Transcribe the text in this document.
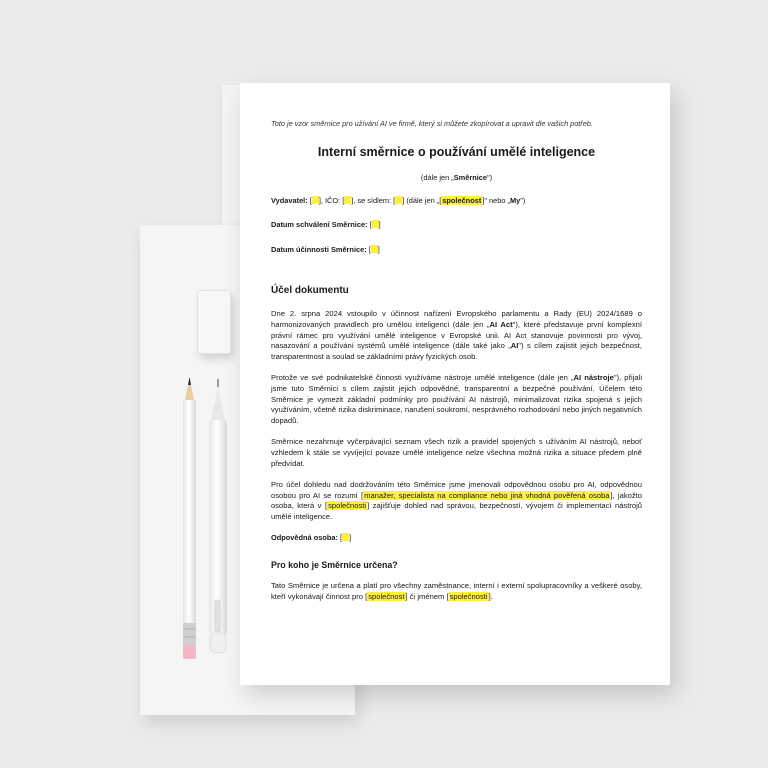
Toto je vzor směrnice pro užívání AI ve firmě, který si můžete zkopírovat a upravit dle vašich potřeb.

Interní směrnice o používání umělé inteligence
(dále jen „Směrnice")
Vydavatel: [ ], IČO: [ ], se sídlem: [ ] (dále jen „[společnost]" nebo „My")
Datum schválení Směrnice: [ ]
Datum účinnosti Směrnice: [ ]
Účel dokumentu

Dne 2. srpna 2024 vstoupilo v účinnost nařízení Evropského parlamentu a Rady (EU) 2024/1689 o harmonizovaných pravidlech pro umělou inteligenci (dále jen „AI Act"), které představuje první komplexní právní rámec pro využívání umělé inteligence v Evropské unii. AI Act stanovuje povinnosti pro vývoj, nasazování a používání systémů umělé inteligence (dále také jako „AI") s cílem zajistit jejich bezpečnost, transparentnost a soulad se základními právy fyzických osob.

Protože ve své podnikatelské činnosti využíváme nástroje umělé inteligence (dále jen „AI nástroje"), přijali jsme tuto Směrnici s cílem zajistit jejich odpovědné, transparentní a bezpečné používání. Účelem této Směrnice je vymezit základní podmínky pro používání AI nástrojů, minimalizovat rizika spojená s jejich využíváním, včetně rizika diskriminace, narušení soukromí, nesprávného rozhodování nebo jiných negativních dopadů.

Směrnice nezahrnuje vyčerpávající seznam všech rizik a pravidel spojených s užíváním AI nástrojů, neboť vzhledem k stále se vyvíjející povaze umělé inteligence nelze všechna možná rizika a situace předem plně předvídat.

Pro účel dohledu nad dodržováním této Směrnice jsme jmenovali odpovědnou osobu pro AI, odpovědnou osobou pro AI se rozumí [manažer, specialista na compliance nebo jiná vhodná pověřená osoba], jakožto osoba, která v [společnosti] zajišťuje dohled nad správou, bezpečností, vývojem či implementací nástrojů umělé inteligence.

Odpovědná osoba: [ ]
Pro koho je Směrnice určena?

Tato Směrnice je určena a platí pro všechny zaměstnance, interní i externí spolupracovníky a veškeré osoby, kteří vykonávají činnost pro [společnost] či jménem [společnosti].
